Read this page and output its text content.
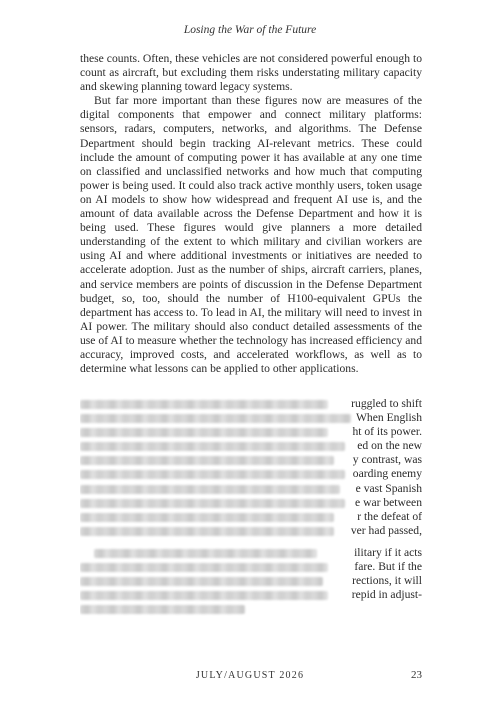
Losing the War of the Future

these counts. Often, these vehicles are not considered powerful enough to count as aircraft, but excluding them risks understating military capacity and skewing planning toward legacy systems.

But far more important than these figures now are measures of the digital components that empower and connect military platforms: sensors, radars, computers, networks, and algorithms. The Defense Department should begin tracking AI-relevant metrics. These could include the amount of computing power it has available at any one time on classified and unclassified networks and how much that computing power is being used. It could also track active monthly users, token usage on AI models to show how widespread and frequent AI use is, and the amount of data available across the Defense Department and how it is being used. These figures would give planners a more detailed understanding of the extent to which military and civilian workers are using AI and where additional investments or initiatives are needed to accelerate adoption. Just as the number of ships, aircraft carriers, planes, and service members are points of discussion in the Defense Department budget, so, too, should the number of H100-equivalent GPUs the department has access to. To lead in AI, the military will need to invest in AI power. The military should also conduct detailed assessments of the use of AI to measure whether the technology has increased efficiency and accuracy, improved costs, and accelerated workflows, as well as to determine what lessons can be applied to other applications.

ruggled to shift
When English
ht of its power.
ed on the new
y contrast, was
oarding enemy
e vast Spanish
e war between
r the defeat of
ver had passed,
ilitary if it acts
fare. But if the
rections, it will
repid in adjust-
JULY/AUGUST 2026	23
